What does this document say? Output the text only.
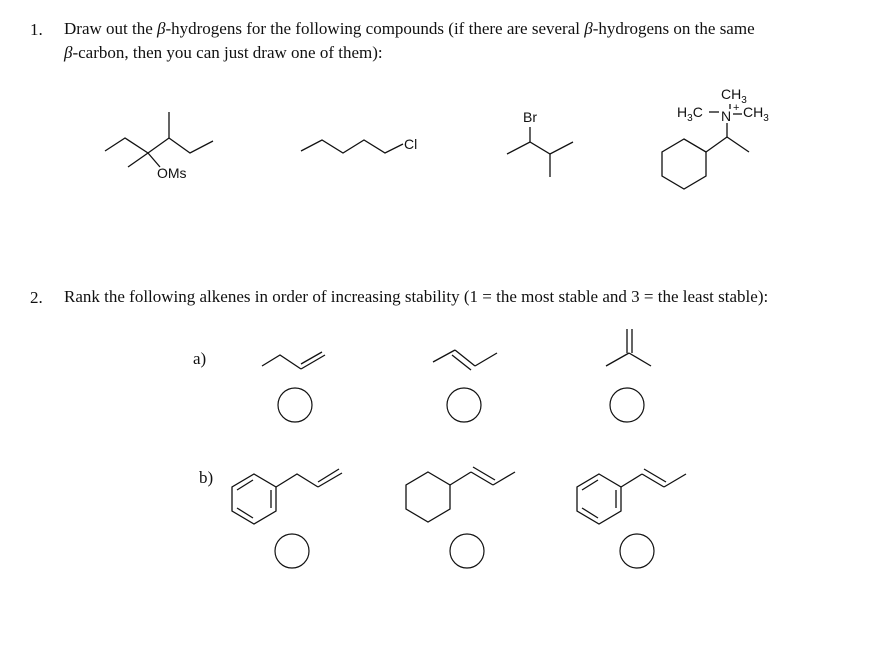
1. Draw out the β-hydrogens for the following compounds (if there are several β-hydrogens on the same
β-carbon, then you can just draw one of them):
2. Rank the following alkenes in order of increasing stability (1 = the most stable and 3 = the least stable):
a)
b)
OMs
Cl
Br
$CH_3$
$H_3C$ $N + CH_3$
